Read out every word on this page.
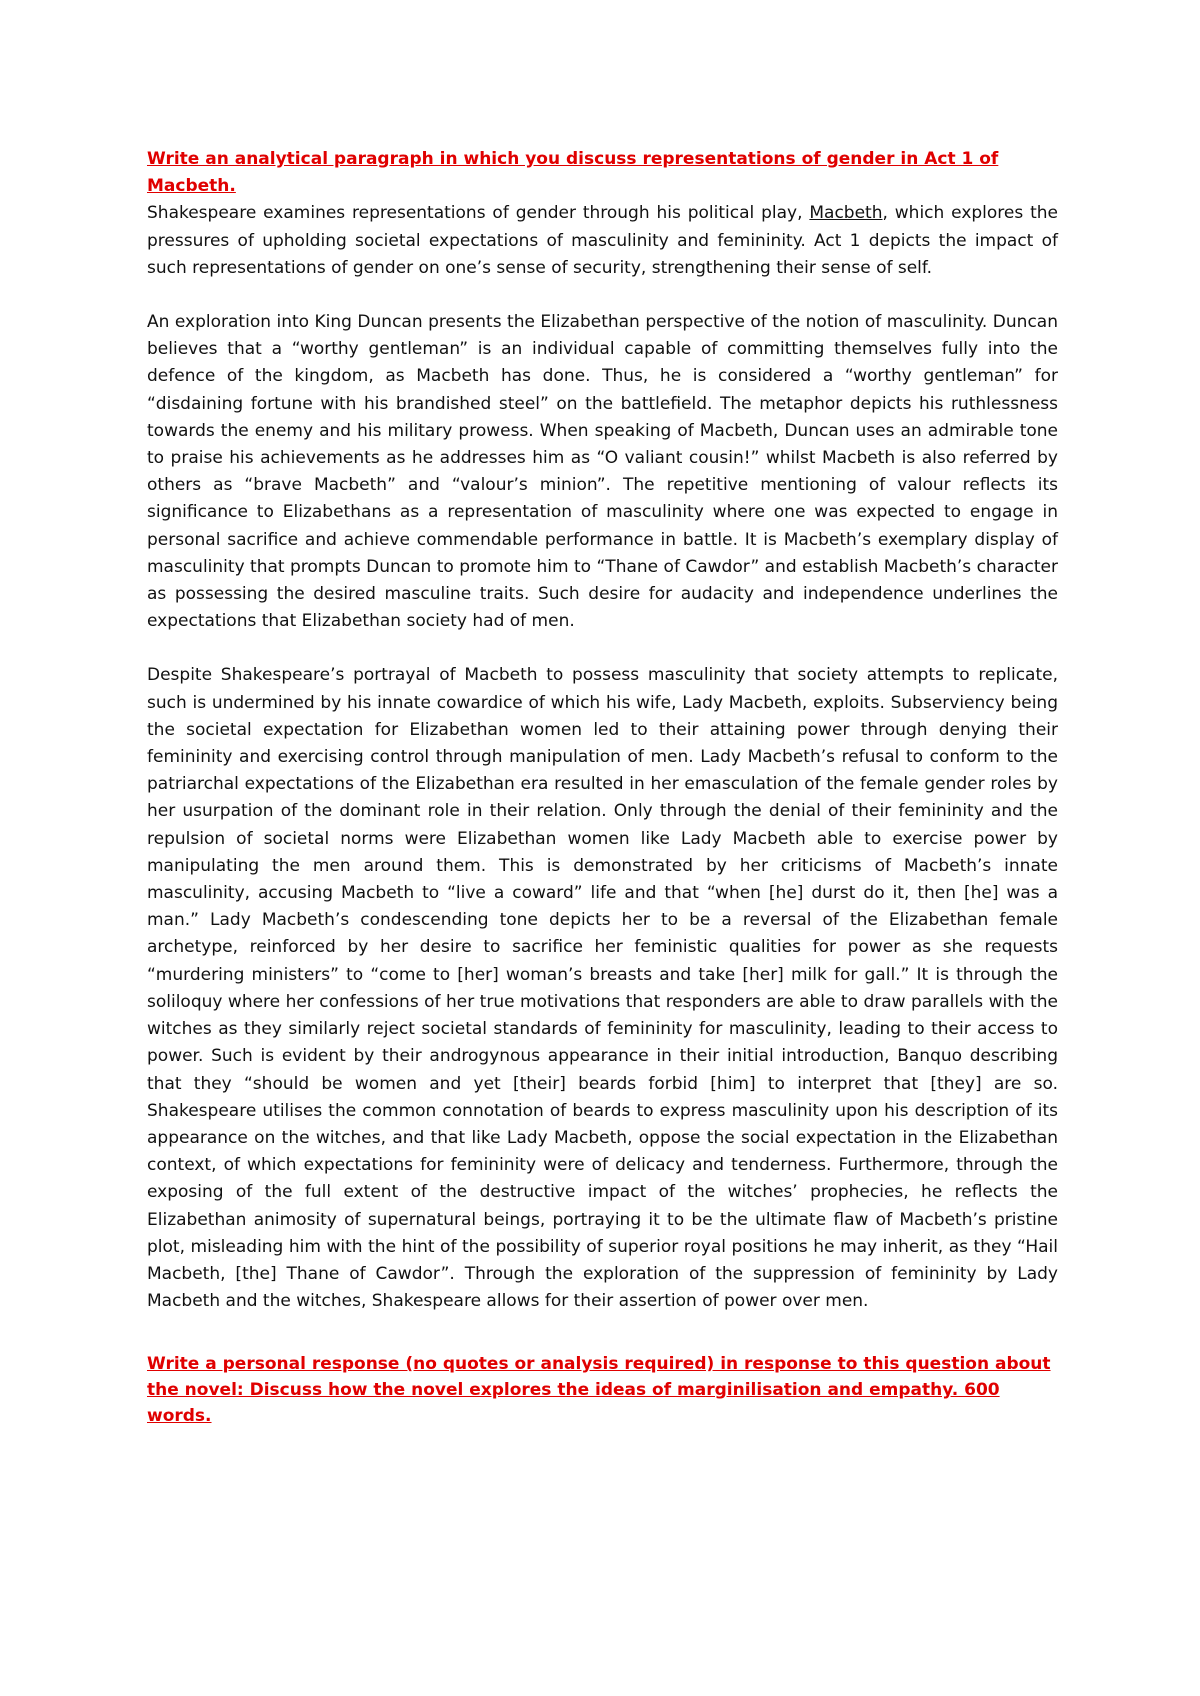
Write an analytical paragraph in which you discuss representations of gender in Act 1 of Macbeth.

Shakespeare examines representations of gender through his political play, Macbeth, which explores the pressures of upholding societal expectations of masculinity and femininity. Act 1 depicts the impact of such representations of gender on one’s sense of security, strengthening their sense of self.

An exploration into King Duncan presents the Elizabethan perspective of the notion of masculinity. Duncan believes that a “worthy gentleman” is an individual capable of committing themselves fully into the defence of the kingdom, as Macbeth has done. Thus, he is considered a “worthy gentleman” for “disdaining fortune with his brandished steel” on the battlefield. The metaphor depicts his ruthlessness towards the enemy and his military prowess. When speaking of Macbeth, Duncan uses an admirable tone to praise his achievements as he addresses him as “O valiant cousin!” whilst Macbeth is also referred by others as “brave Macbeth” and “valour’s minion”. The repetitive mentioning of valour reflects its significance to Elizabethans as a representation of masculinity where one was expected to engage in personal sacrifice and achieve commendable performance in battle. It is Macbeth’s exemplary display of masculinity that prompts Duncan to promote him to “Thane of Cawdor” and establish Macbeth’s character as possessing the desired masculine traits. Such desire for audacity and independence underlines the expectations that Elizabethan society had of men.

Despite Shakespeare’s portrayal of Macbeth to possess masculinity that society attempts to replicate, such is undermined by his innate cowardice of which his wife, Lady Macbeth, exploits. Subserviency being the societal expectation for Elizabethan women led to their attaining power through denying their femininity and exercising control through manipulation of men. Lady Macbeth’s refusal to conform to the patriarchal expectations of the Elizabethan era resulted in her emasculation of the female gender roles by her usurpation of the dominant role in their relation. Only through the denial of their femininity and the repulsion of societal norms were Elizabethan women like Lady Macbeth able to exercise power by manipulating the men around them. This is demonstrated by her criticisms of Macbeth’s innate masculinity, accusing Macbeth to “live a coward” life and that “when [he] durst do it, then [he] was a man.” Lady Macbeth’s condescending tone depicts her to be a reversal of the Elizabethan female archetype, reinforced by her desire to sacrifice her feministic qualities for power as she requests “murdering ministers” to “come to [her] woman’s breasts and take [her] milk for gall.” It is through the soliloquy where her confessions of her true motivations that responders are able to draw parallels with the witches as they similarly reject societal standards of femininity for masculinity, leading to their access to power. Such is evident by their androgynous appearance in their initial introduction, Banquo describing that they “should be women and yet [their] beards forbid [him] to interpret that [they] are so. Shakespeare utilises the common connotation of beards to express masculinity upon his description of its appearance on the witches, and that like Lady Macbeth, oppose the social expectation in the Elizabethan context, of which expectations for femininity were of delicacy and tenderness. Furthermore, through the exposing of the full extent of the destructive impact of the witches’ prophecies, he reflects the Elizabethan animosity of supernatural beings, portraying it to be the ultimate flaw of Macbeth’s pristine plot, misleading him with the hint of the possibility of superior royal positions he may inherit, as they “Hail Macbeth, [the] Thane of Cawdor”. Through the exploration of the suppression of femininity by Lady Macbeth and the witches, Shakespeare allows for their assertion of power over men.

Write a personal response (no quotes or analysis required) in response to this question about the novel: Discuss how the novel explores the ideas of marginilisation and empathy. 600 words.
